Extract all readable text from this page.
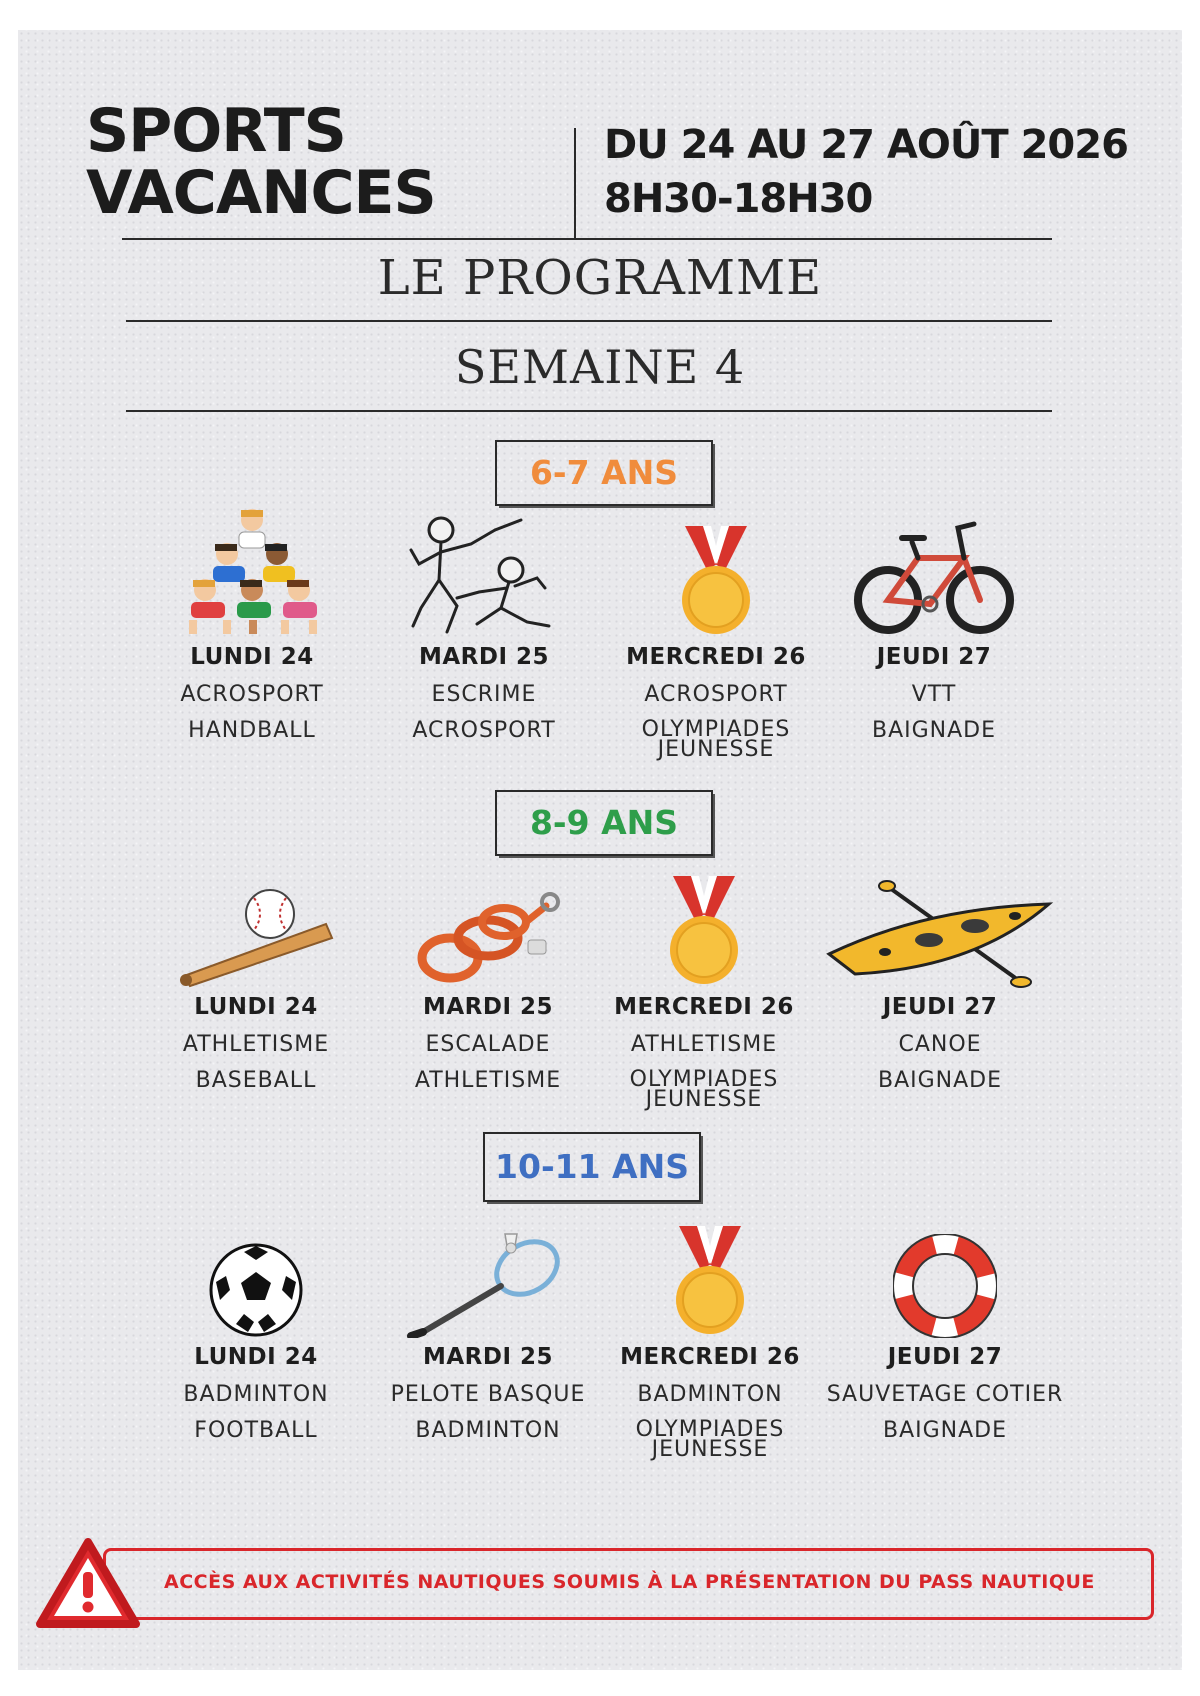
SPORTS
VACANCES
DU 24 AU 27 AOÛT 2026
8H30-18H30
LE PROGRAMME
SEMAINE 4
6-7 ANS
LUNDI 24
ACROSPORT
HANDBALL
MARDI 25
ESCRIME
ACROSPORT
MERCREDI 26
ACROSPORT
OLYMPIADES JEUNESSE
JEUDI 27
VTT
BAIGNADE
8-9 ANS
LUNDI 24
ATHLETISME
BASEBALL
MARDI 25
ESCALADE
ATHLETISME
MERCREDI 26
ATHLETISME
OLYMPIADES JEUNESSE
JEUDI 27
CANOE
BAIGNADE
10-11 ANS
LUNDI 24
BADMINTON
FOOTBALL
MARDI 25
PELOTE BASQUE
BADMINTON
MERCREDI 26
BADMINTON
OLYMPIADES JEUNESSE
JEUDI 27
SAUVETAGE COTIER
BAIGNADE
ACCÈS AUX ACTIVITÉS NAUTIQUES SOUMIS À LA PRÉSENTATION DU PASS NAUTIQUE
